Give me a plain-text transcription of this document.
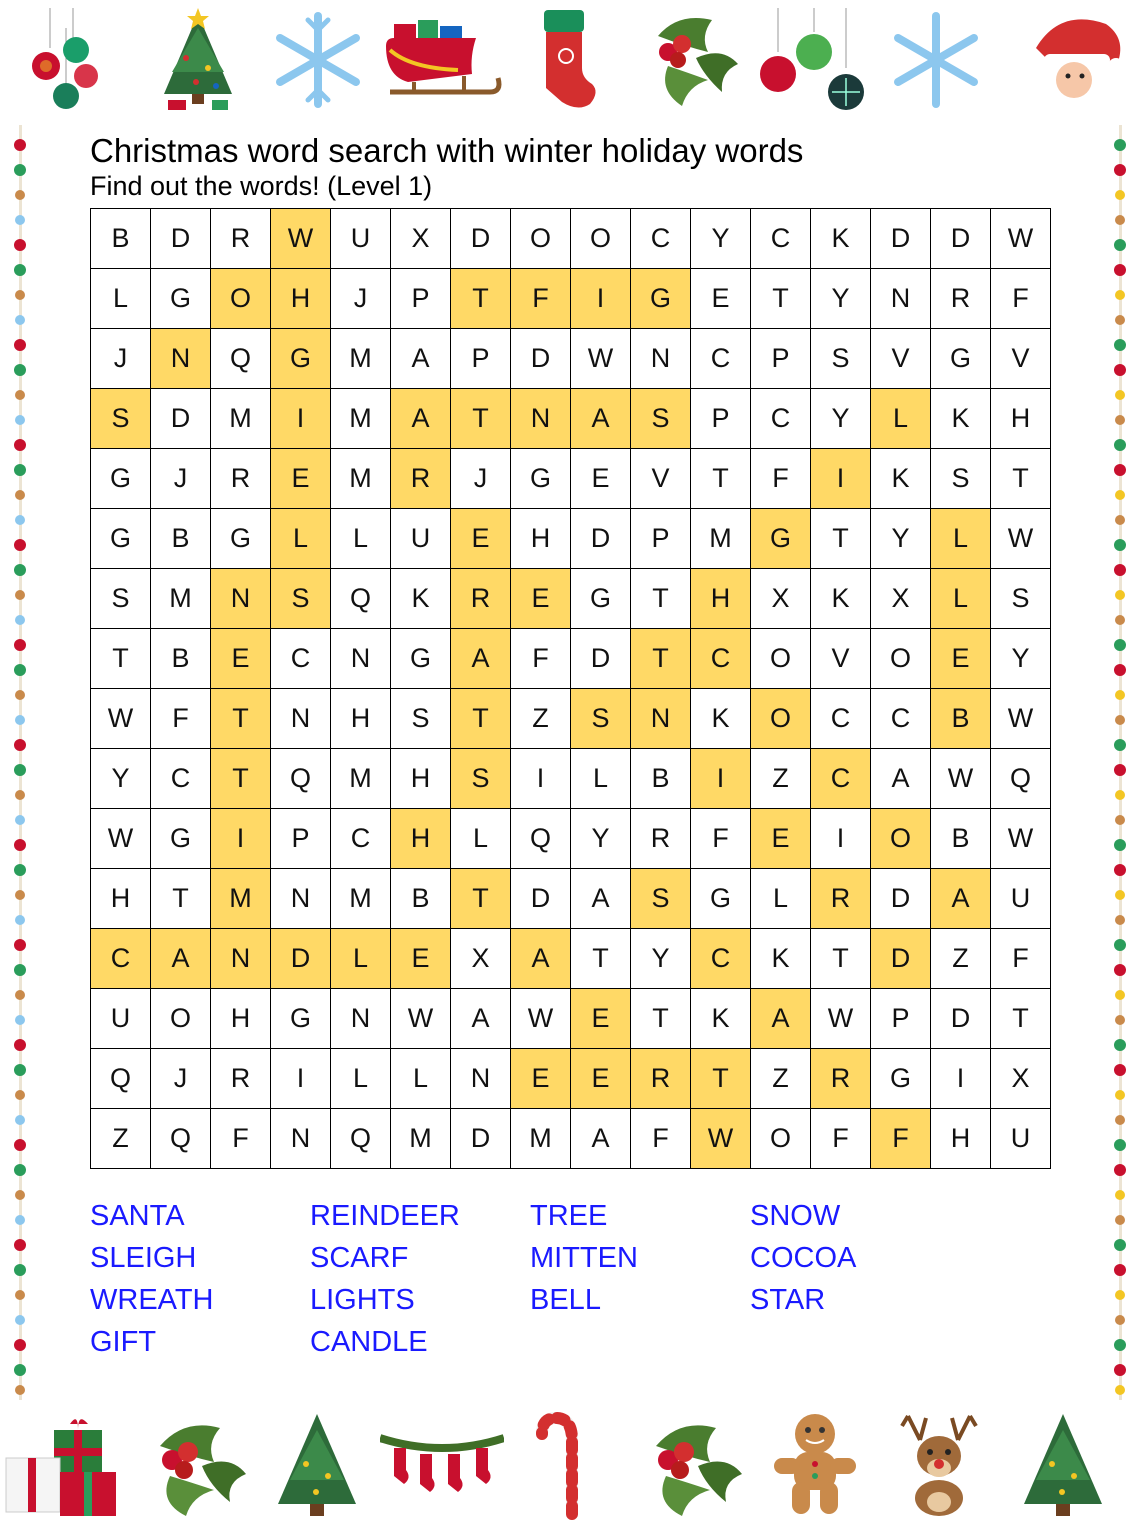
Christmas word search with winter holiday words
Find out the words! (Level 1)
B	D	R	W	U	X	D	O	O	C	Y	C	K	D	D	W
L	G	O	H	J	P	T	F	I	G	E	T	Y	N	R	F
J	N	Q	G	M	A	P	D	W	N	C	P	S	V	G	V
S	D	M	I	M	A	T	N	A	S	P	C	Y	L	K	H
G	J	R	E	M	R	J	G	E	V	T	F	I	K	S	T
G	B	G	L	L	U	E	H	D	P	M	G	T	Y	L	W
S	M	N	S	Q	K	R	E	G	T	H	X	K	X	L	S
T	B	E	C	N	G	A	F	D	T	C	O	V	O	E	Y
W	F	T	N	H	S	T	Z	S	N	K	O	C	C	B	W
Y	C	T	Q	M	H	S	I	L	B	I	Z	C	A	W	Q
W	G	I	P	C	H	L	Q	Y	R	F	E	I	O	B	W
H	T	M	N	M	B	T	D	A	S	G	L	R	D	A	U
C	A	N	D	L	E	X	A	T	Y	C	K	T	D	Z	F
U	O	H	G	N	W	A	W	E	T	K	A	W	P	D	T
Q	J	R	I	L	L	N	E	E	R	T	Z	R	G	I	X
Z	Q	F	N	Q	M	D	M	A	F	W	O	F	F	H	U
SANTA
SLEIGH
WREATH
GIFT
REINDEER
SCARF
LIGHTS
CANDLE
TREE
MITTEN
BELL
SNOW
COCOA
STAR
